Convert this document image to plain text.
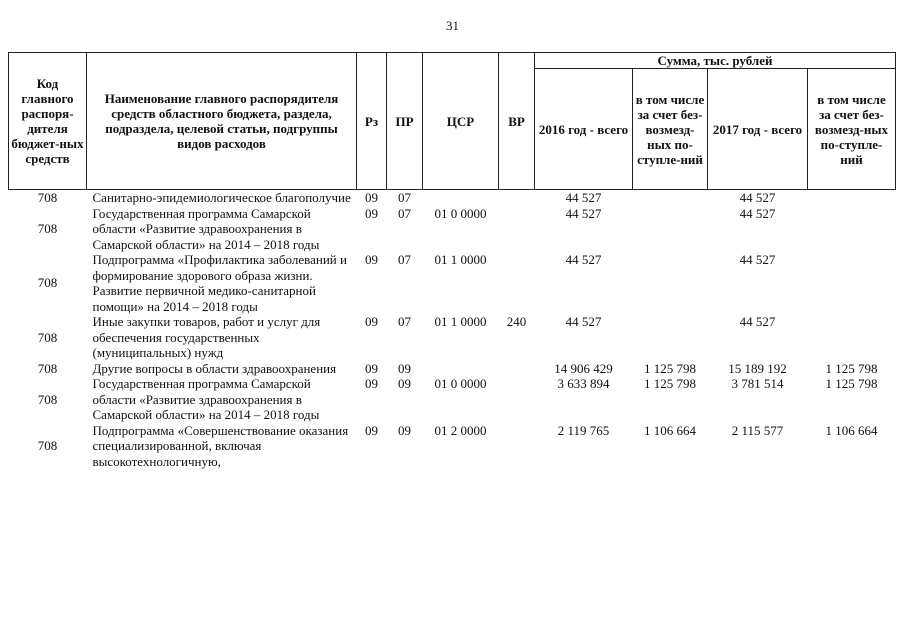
31
Код главного распоря-дителя бюджет-ных средств	Наименование главного распорядителя средств областного бюджета, раздела, подраздела, целевой статьи, подгруппы видов расходов	Рз	ПР	ЦСР	ВР	Сумма, тыс. рублей			
						2016 год - всего	в том числе за счет без-возмезд-ных по-ступле-ний	2017 год - всего	в том числе за счет без-возмезд-ных по-ступле-ний
708	Санитарно-эпидемиологическое благополучие	09	07			44 527		44 527	
708	Государственная программа Самарской области «Развитие здравоохранения в Самарской области» на 2014 – 2018 годы	09	07	01 0 0000		44 527		44 527	
708	Подпрограмма «Профилактика заболеваний и формирование здорового образа жизни. Развитие первичной медико-санитарной помощи» на 2014 – 2018 годы	09	07	01 1 0000		44 527		44 527	
708	Иные закупки товаров, работ и услуг для обеспечения государственных (муниципальных) нужд	09	07	01 1 0000	240	44 527		44 527	
708	Другие вопросы в области здравоохранения	09	09			14 906 429	1 125 798	15 189 192	1 125 798
708	Государственная программа Самарской области «Развитие здравоохранения в Самарской области» на 2014 – 2018 годы	09	09	01 0 0000		3 633 894	1 125 798	3 781 514	1 125 798
708	Подпрограмма «Совершенствование оказания специализированной, включая высокотехнологичную,	09	09	01 2 0000		2 119 765	1 106 664	2 115 577	1 106 664
